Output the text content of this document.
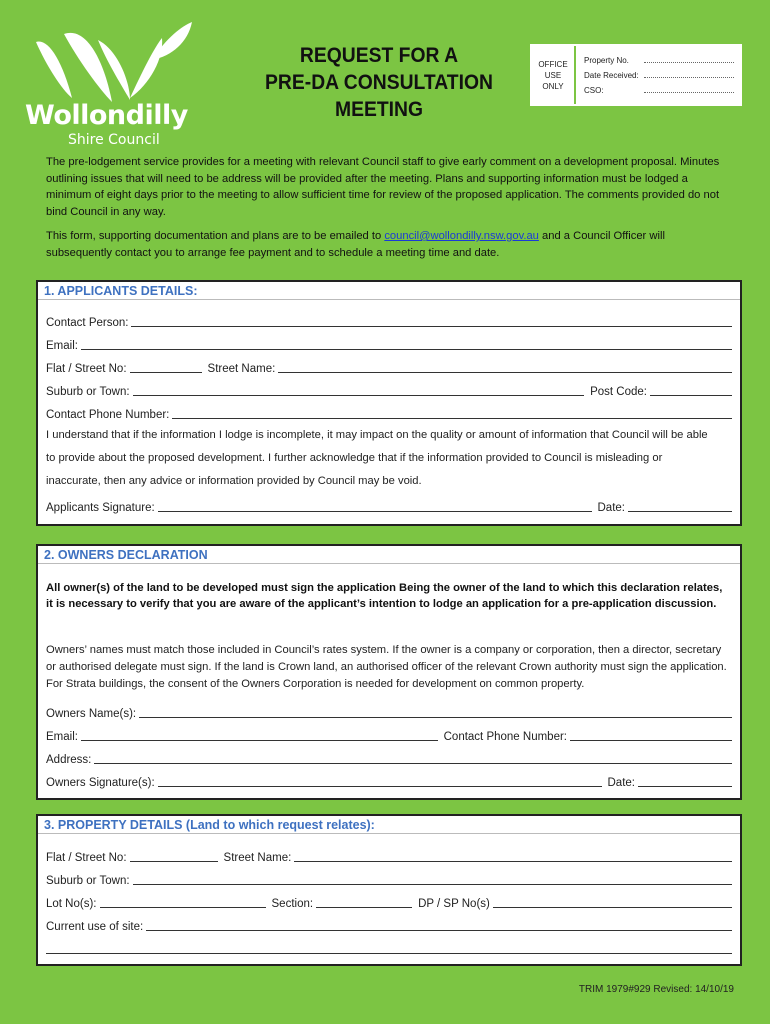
Wollondilly
Shire Council
REQUEST FOR A
PRE-DA CONSULTATION
MEETING
OFFICE
USE
ONLY
Property No.
Date Received:
CSO:

The pre-lodgement service provides for a meeting with relevant Council staff to give early comment on a development proposal. Minutes outlining issues that will need to be address will be provided after the meeting. Plans and supporting information must be lodged a minimum of eight days prior to the meeting to allow sufficient time for review of the proposed application. The comments provided do not bind Council in any way.

This form, supporting documentation and plans are to be emailed to council@wollondilly.nsw.gov.au and a Council Officer will subsequently contact you to arrange fee payment and to schedule a meeting time and date.

1. APPLICANTS DETAILS:
Contact Person:
Email:
Flat / Street No:	Street Name:
Suburb or Town:	Post Code:
Contact Phone Number:
I understand that if the information I lodge is incomplete, it may impact on the quality or amount of information that Council will be able
to provide about the proposed development. I further acknowledge that if the information provided to Council is misleading or
inaccurate, then any advice or information provided by Council may be void.
Applicants Signature:	Date:
2. OWNERS DECLARATION
All owner(s) of the land to be developed must sign the application Being the owner of the land to which this declaration relates, it is necessary to verify that you are aware of the applicant’s intention to lodge an application for a pre-application discussion.
Owners’ names must match those included in Council’s rates system. If the owner is a company or corporation, then a director, secretary or authorised delegate must sign. If the land is Crown land, an authorised officer of the relevant Crown authority must sign the application. For Strata buildings, the consent of the Owners Corporation is needed for development on common property.
Owners Name(s):
Email:	Contact Phone Number:
Address:
Owners Signature(s):	Date:
3. PROPERTY DETAILS (Land to which request relates):
Flat / Street No:	Street Name:
Suburb or Town:
Lot No(s):	Section:	DP / SP No(s)
Current use of site:
TRIM 1979#929 Revised: 14/10/19
